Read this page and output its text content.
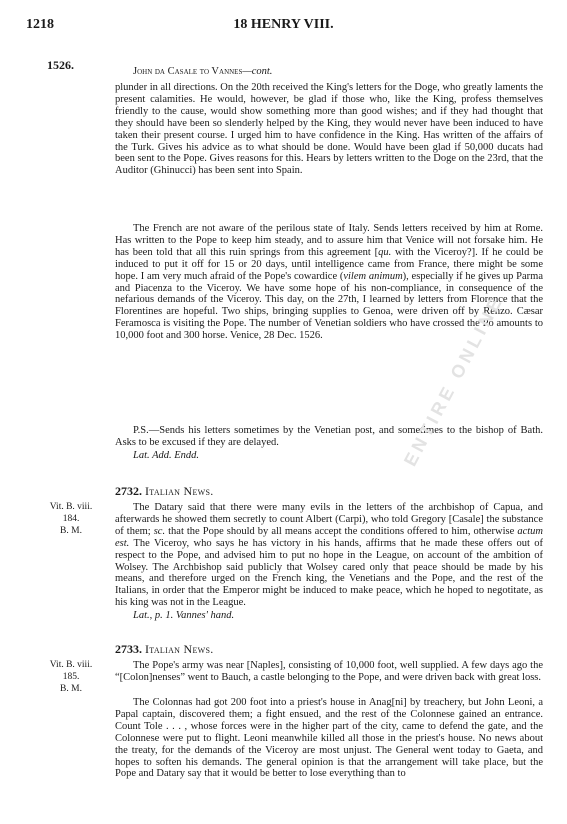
1218	18 HENRY VIII.
1526.	John da Casale to Vannes—cont.

plunder in all directions. On the 20th received the King's letters for the Doge, who greatly laments the present calamities. He would, however, be glad if those who, like the King, profess themselves friendly to the cause, would show something more than good wishes; and if they had thought that they should have been so slenderly helped by the King, they would never have been induced to have taken their present course. I urged him to have confidence in the King. Has written of the affairs of the Turk. Gives his advice as to what should be done. Would have been glad if 50,000 ducats had been sent to the Pope. Gives reasons for this. Hears by letters written to the Doge on the 23rd, that the Auditor (Ghinucci) has been sent into Spain.

The French are not aware of the perilous state of Italy. Sends letters received by him at Rome. Has written to the Pope to keep him steady, and to assure him that Venice will not forsake him. He has been told that all this ruin springs from this agreement [qu. with the Viceroy?]. If he could be induced to put it off for 15 or 20 days, until intelligence came from France, there might be some hope. I am very much afraid of the Pope's cowardice (vilem animum), especially if he gives up Parma and Piacenza to the Viceroy. We have some hope of his non-compliance, in consequence of the nefarious demands of the Viceroy. This day, on the 27th, I learned by letters from Florence that the Florentines are hopeful. Two ships, bringing supplies to Genoa, were driven off by Renzo. Cæsar Feramosca is visiting the Pope. The number of Venetian soldiers who have crossed the Po amounts to 10,000 foot and 300 horse. Venice, 28 Dec. 1526.

P.S.—Sends his letters sometimes by the Venetian post, and sometimes to the bishop of Bath. Asks to be excused if they are delayed.

Lat. Add. Endd.
2732. Italian News.
Vit. B. viii.
184.
B. M.

The Datary said that there were many evils in the letters of the archbishop of Capua, and afterwards he showed them secretly to count Albert (Carpi), who told Gregory [Casale] the substance of them; sc. that the Pope should by all means accept the conditions offered to him, otherwise actum est. The Viceroy, who says he has victory in his hands, affirms that he made these offers out of respect to the Pope, and advised him to put no hope in the League, on account of the ambition of Wolsey. The Archbishop said publicly that Wolsey cared only that peace should be made by his means, and therefore urged on the French king, the Venetians and the Pope, and the rest of the Italians, in order that the Emperor might be induced to make peace, which he hoped to negotitate, as his king was not in the League.

Lat., p. 1. Vannes' hand.
2733. Italian News.
Vit. B. viii.
185.
B. M.

The Pope's army was near [Naples], consisting of 10,000 foot, well supplied. A few days ago the “[Colon]nenses” went to Bauch, a castle belonging to the Pope, and were driven back with great loss.

The Colonnas had got 200 foot into a priest's house in Anag[ni] by treachery, but John Leoni, a Papal captain, discovered them; a fight ensued, and the rest of the Colonnese gained an entrance. Count Tole . . . , whose forces were in the higher part of the city, came to defend the gate, and the Colonnese were put to flight. Leoni meanwhile killed all those in the priest's house. No news about the treaty, for the demands of the Viceroy are most unjust. The General went today to Gaeta, and hopes to soften his demands. The general opinion is that the arrangement will take place, but the Pope and Datary say that it would be better to lose everything than to

ENTIRE ONLINE
